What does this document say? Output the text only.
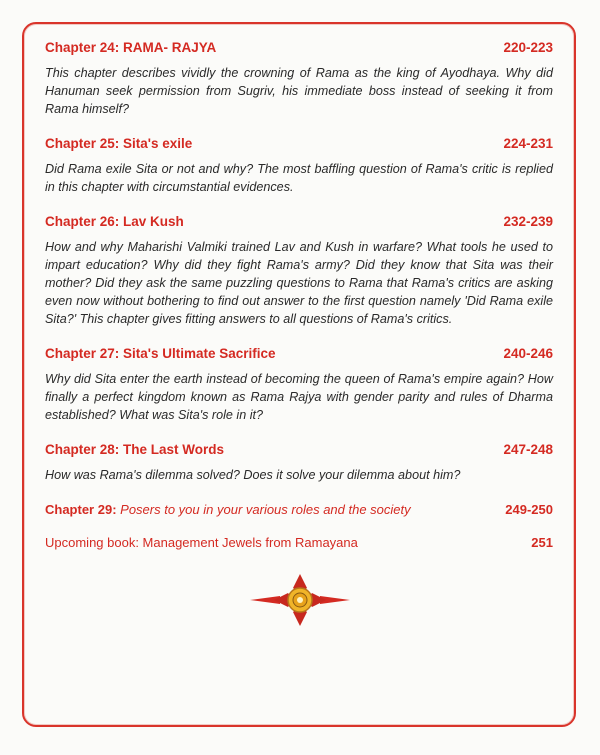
Chapter 24: RAMA- RAJYA	220-223
This chapter describes vividly the crowning of Rama as the king of Ayodhaya. Why did Hanuman seek permission from Sugriv, his immediate boss instead of seeking it from Rama himself?
Chapter 25: Sita's exile	224-231
Did Rama exile Sita or not and why? The most baffling question of Rama's critic is replied in this chapter with circumstantial evidences.
Chapter 26: Lav Kush	232-239
How and why Maharishi Valmiki trained Lav and Kush in warfare? What tools he used to impart education? Why did they fight Rama's army? Did they know that Sita was their mother? Did they ask the same puzzling questions to Rama that Rama's critics are asking even now without bothering to find out answer to the first question namely 'Did Rama exile Sita?' This chapter gives fitting answers to all questions of Rama's critics.
Chapter 27: Sita's Ultimate Sacrifice	240-246
Why did Sita enter the earth instead of becoming the queen of Rama's empire again? How finally a perfect kingdom known as Rama Rajya with gender parity and rules of Dharma established? What was Sita's role in it?
Chapter 28: The Last Words	247-248
How was Rama's dilemma solved? Does it solve your dilemma about him?
Chapter 29: Posers to you in your various roles and the society	249-250
Upcoming book: Management Jewels from Ramayana	251
